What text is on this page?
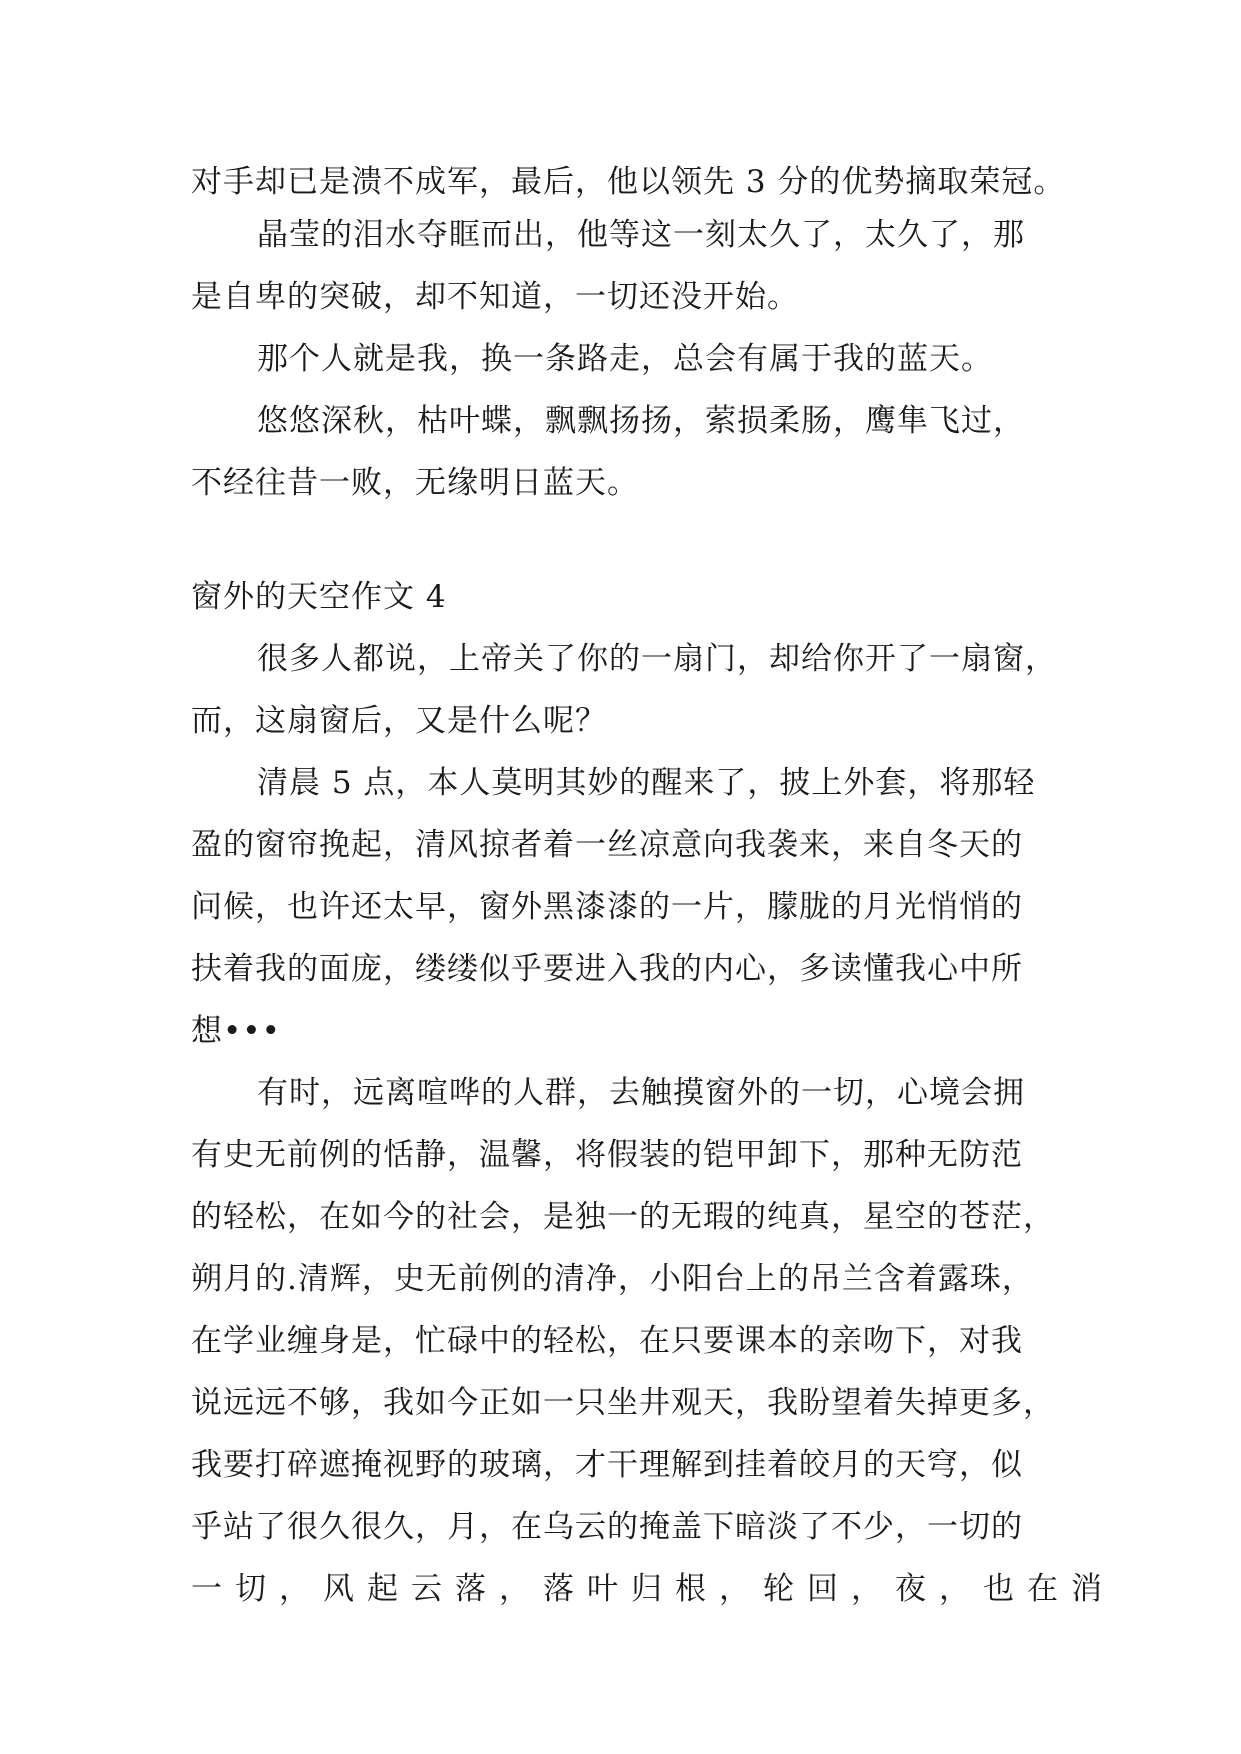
对手却已是溃不成军，最后，他以领先 3 分的优势摘取荣冠。
晶莹的泪水夺眶而出，他等这一刻太久了，太久了，那
是自卑的突破，却不知道，一切还没开始。
那个人就是我，换一条路走，总会有属于我的蓝天。
悠悠深秋，枯叶蝶，飘飘扬扬，萦损柔肠，鹰隼飞过，
不经往昔一败，无缘明日蓝天。
窗外的天空作文 4
很多人都说，上帝关了你的一扇门，却给你开了一扇窗，
而，这扇窗后，又是什么呢？
清晨 5 点，本人莫明其妙的醒来了，披上外套，将那轻
盈的窗帘挽起，清风掠者着一丝凉意向我袭来，来自冬天的
问候，也许还太早，窗外黑漆漆的一片，朦胧的月光悄悄的
扶着我的面庞，缕缕似乎要进入我的内心，多读懂我心中所
想•••
有时，远离喧哗的人群，去触摸窗外的一切，心境会拥
有史无前例的恬静，温馨，将假装的铠甲卸下，那种无防范
的轻松，在如今的社会，是独一的无瑕的纯真，星空的苍茫，
朔月的.清辉，史无前例的清净，小阳台上的吊兰含着露珠，
在学业缠身是，忙碌中的轻松，在只要课本的亲吻下，对我
说远远不够，我如今正如一只坐井观天，我盼望着失掉更多，
我要打碎遮掩视野的玻璃，才干理解到挂着皎月的天穹，似
乎站了很久很久，月，在乌云的掩盖下暗淡了不少，一切的
一切，风起云落，落叶归根，轮回，夜，也在消
